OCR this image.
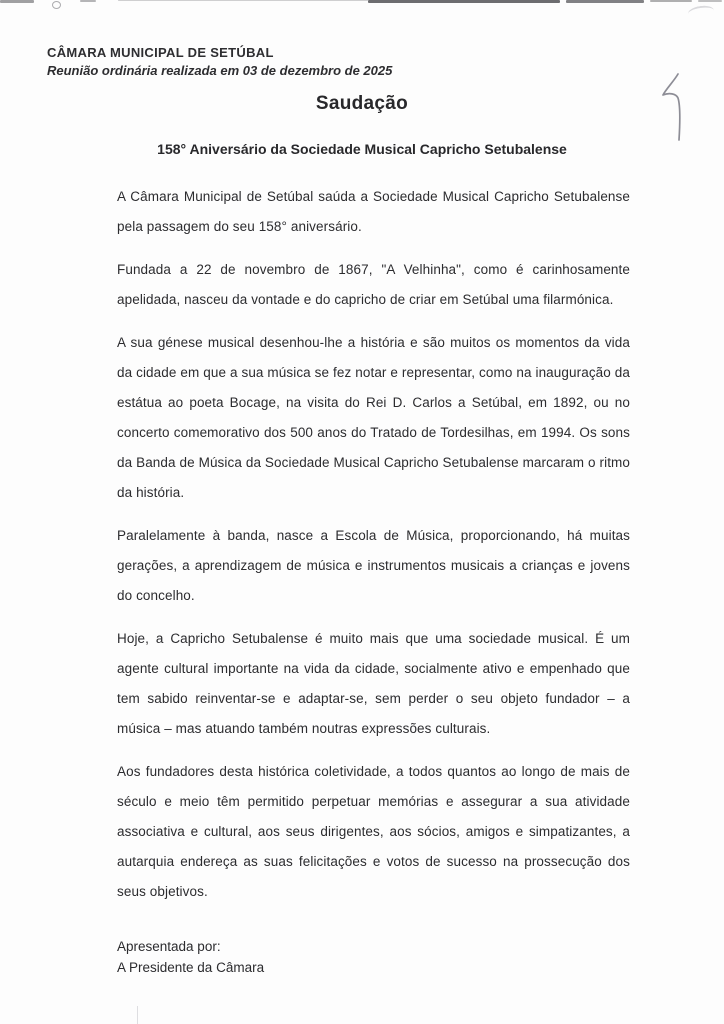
CÂMARA MUNICIPAL DE SETÚBAL
Reunião ordinária realizada em 03 de dezembro de 2025
Saudação
158° Aniversário da Sociedade Musical Capricho Setubalense

A Câmara Municipal de Setúbal saúda a Sociedade Musical Capricho Setubalense pela passagem do seu 158° aniversário.

Fundada a 22 de novembro de 1867, "A Velhinha", como é carinhosamente apelidada, nasceu da vontade e do capricho de criar em Setúbal uma filarmónica.

A sua génese musical desenhou-lhe a história e são muitos os momentos da vida da cidade em que a sua música se fez notar e representar, como na inauguração da estátua ao poeta Bocage, na visita do Rei D. Carlos a Setúbal, em 1892, ou no concerto comemorativo dos 500 anos do Tratado de Tordesilhas, em 1994. Os sons da Banda de Música da Sociedade Musical Capricho Setubalense marcaram o ritmo da história.

Paralelamente à banda, nasce a Escola de Música, proporcionando, há muitas gerações, a aprendizagem de música e instrumentos musicais a crianças e jovens do concelho.

Hoje, a Capricho Setubalense é muito mais que uma sociedade musical. É um agente cultural importante na vida da cidade, socialmente ativo e empenhado que tem sabido reinventar-se e adaptar-se, sem perder o seu objeto fundador – a música – mas atuando também noutras expressões culturais.

Aos fundadores desta histórica coletividade, a todos quantos ao longo de mais de século e meio têm permitido perpetuar memórias e assegurar a sua atividade associativa e cultural, aos seus dirigentes, aos sócios, amigos e simpatizantes, a autarquia endereça as suas felicitações e votos de sucesso na prossecução dos seus objetivos.

Apresentada por:
A Presidente da Câmara
